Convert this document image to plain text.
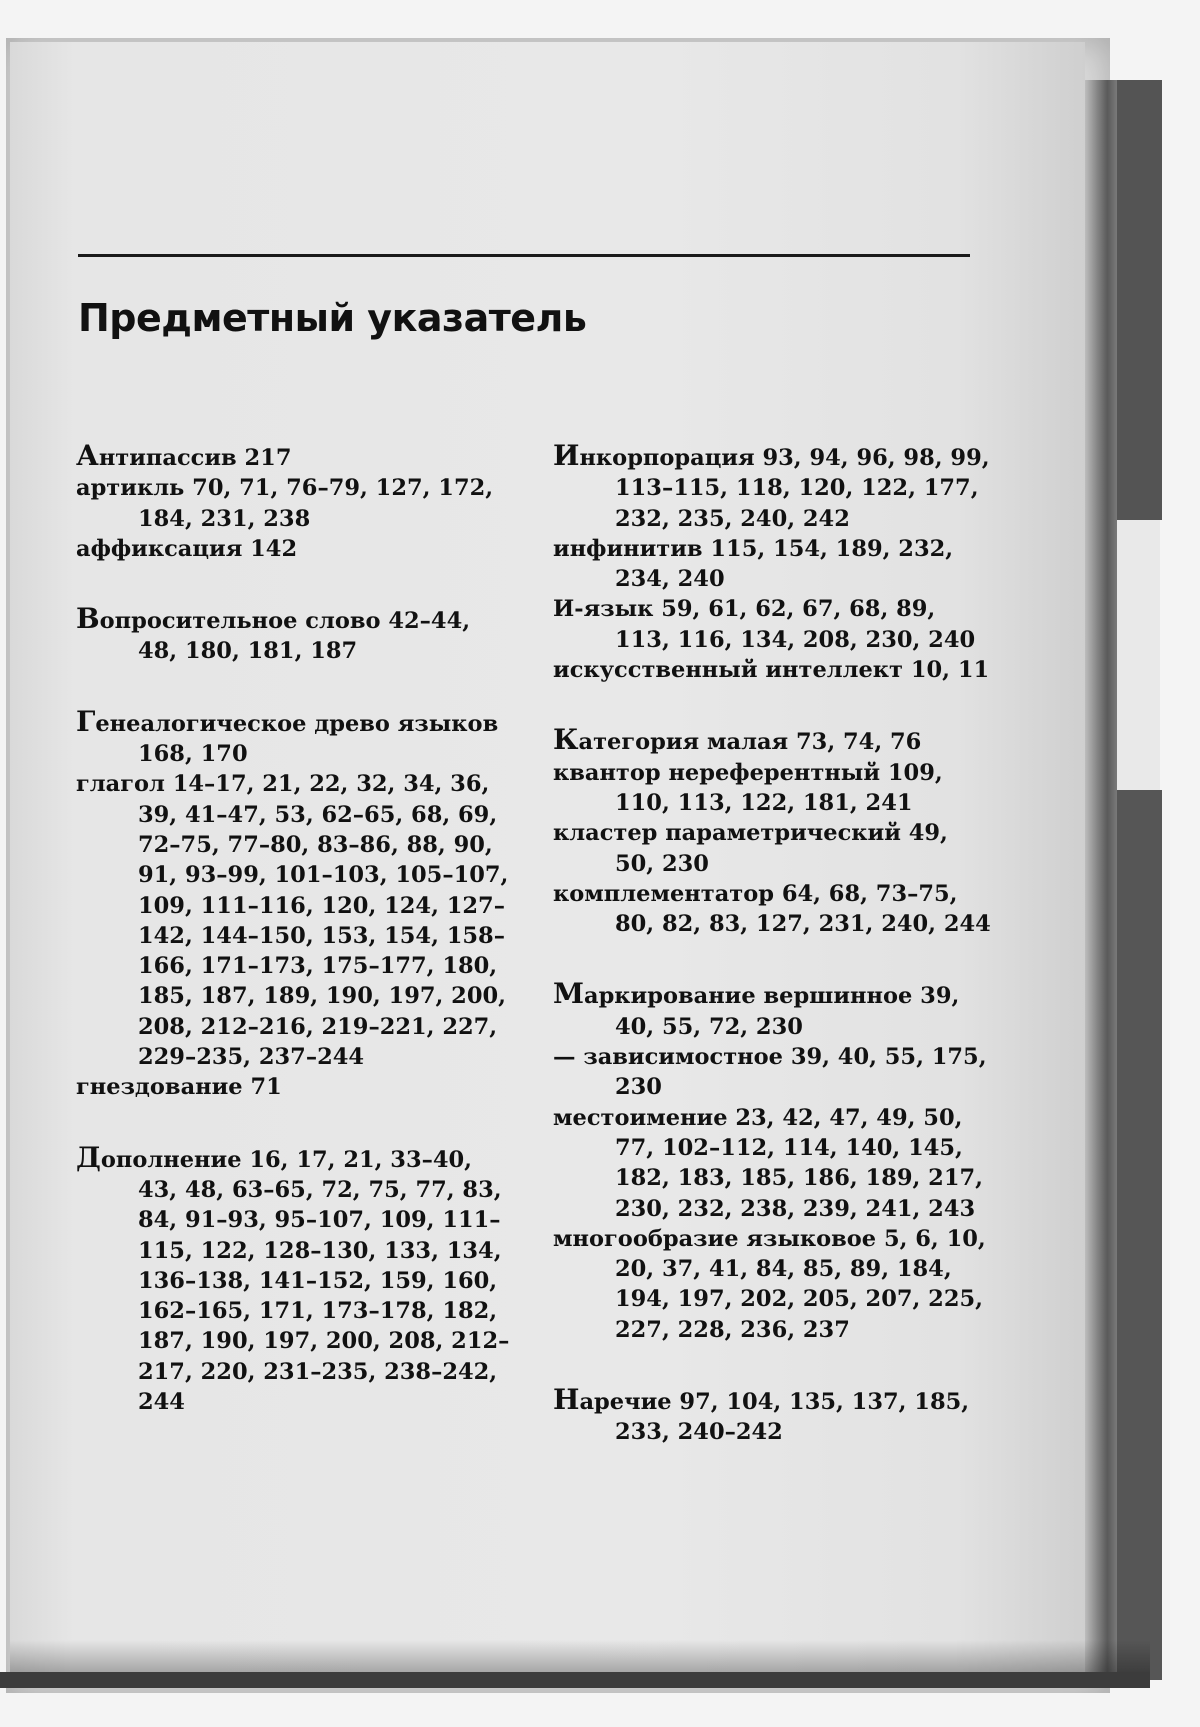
Предметный указатель

Антипассив 217

артикль 70, 71, 76–79, 127, 172, 184, 231, 238

аффиксация 142

Вопросительное слово 42–44, 48, 180, 181, 187

Генеалогическое древо языков 168, 170

глагол 14–17, 21, 22, 32, 34, 36, 39, 41–47, 53, 62–65, 68, 69, 72–75, 77–80, 83–86, 88, 90, 91, 93–99, 101–103, 105–107, 109, 111–116, 120, 124, 127–142, 144–150, 153, 154, 158–166, 171–173, 175–177, 180, 185, 187, 189, 190, 197, 200, 208, 212–216, 219–221, 227, 229–235, 237–244

гнездование 71

Дополнение 16, 17, 21, 33–40, 43, 48, 63–65, 72, 75, 77, 83, 84, 91–93, 95–107, 109, 111–115, 122, 128–130, 133, 134, 136–138, 141–152, 159, 160, 162–165, 171, 173–178, 182, 187, 190, 197, 200, 208, 212–217, 220, 231–235, 238–242, 244

Инкорпорация 93, 94, 96, 98, 99, 113–115, 118, 120, 122, 177, 232, 235, 240, 242

инфинитив 115, 154, 189, 232, 234, 240

И-язык 59, 61, 62, 67, 68, 89, 113, 116, 134, 208, 230, 240

искусственный интеллект 10, 11

Категория малая 73, 74, 76

квантор нереферентный 109, 110, 113, 122, 181, 241

кластер параметрический 49, 50, 230

комплементатор 64, 68, 73–75, 80, 82, 83, 127, 231, 240, 244

Маркирование вершинное 39, 40, 55, 72, 230

— зависимостное 39, 40, 55, 175, 230

местоимение 23, 42, 47, 49, 50, 77, 102–112, 114, 140, 145, 182, 183, 185, 186, 189, 217, 230, 232, 238, 239, 241, 243

многообразие языковое 5, 6, 10, 20, 37, 41, 84, 85, 89, 184, 194, 197, 202, 205, 207, 225, 227, 228, 236, 237

Наречие 97, 104, 135, 137, 185, 233, 240–242
